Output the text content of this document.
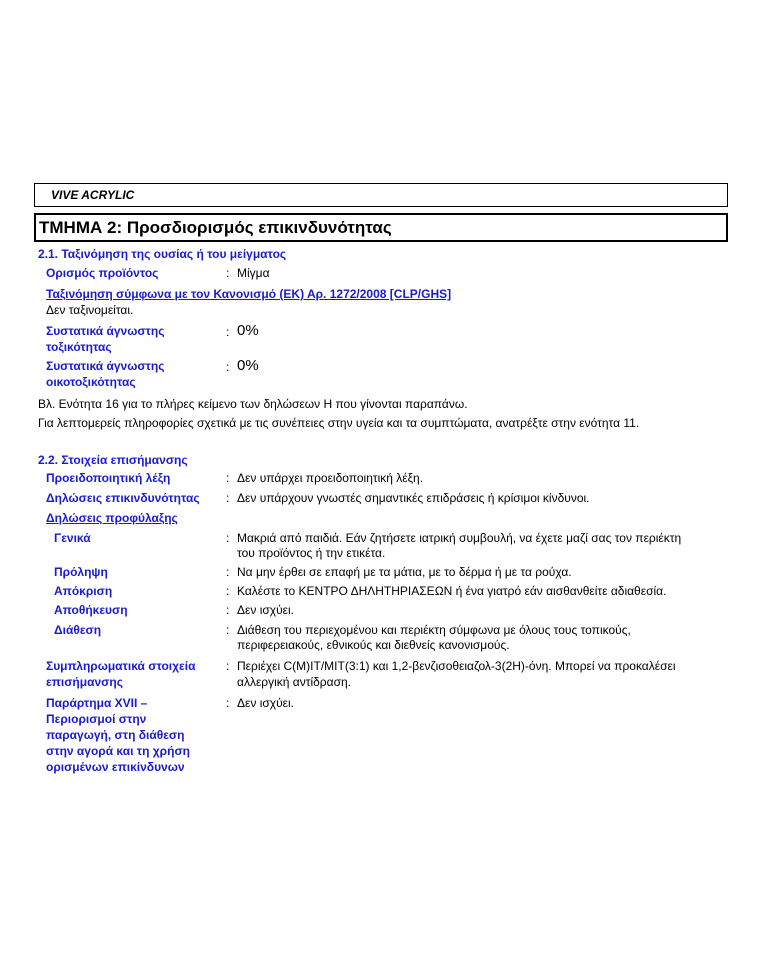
VIVE ACRYLIC
ΤΜΗΜΑ 2: Προσδιορισμός επικινδυνότητας
2.1. Ταξινόμηση της ουσίας ή του μείγματος
Ορισμός προϊόντος	: Μίγμα
Ταξινόμηση σύμφωνα με τον Κανονισμό (ΕΚ) Αρ. 1272/2008 [CLP/GHS]
Δεν ταξινομείται.
Συστατικά άγνωστης
τοξικότητας
: 0%
Συστατικά άγνωστης
οικοτοξικότητας
: 0%
Βλ. Ενότητα 16 για το πλήρες κείμενο των δηλώσεων Η που γίνονται παραπάνω.
Για λεπτομερείς πληροφορίες σχετικά με τις συνέπειες στην υγεία και τα συμπτώματα, ανατρέξτε στην ενότητα 11.
2.2. Στοιχεία επισήμανσης
Προειδοποιητική λέξη	: Δεν υπάρχει προειδοποιητική λέξη.
Δηλώσεις επικινδυνότητας : Δεν υπάρχουν γνωστές σημαντικές επιδράσεις ή κρίσιμοι κίνδυνοι.
Δηλώσεις προφύλαξης
Γενικά	: Μακριά από παιδιά. Εάν ζητήσετε ιατρική συμβουλή, να έχετε μαζί σας τον περιέκτη
του προϊόντος ή την ετικέτα.
Πρόληψη	: Να μην έρθει σε επαφή με τα μάτια, με το δέρμα ή με τα ρούχα.
Απόκριση	: Καλέστε το ΚΕΝΤΡΟ ΔΗΛΗΤΗΡΙΑΣΕΩΝ ή ένα γιατρό εάν αισθανθείτε αδιαθεσία.
Αποθήκευση	: Δεν ισχύει.
Διάθεση	: Διάθεση του περιεχομένου και περιέκτη σύμφωνα με όλους τους τοπικούς,
περιφερειακούς, εθνικούς και διεθνείς κανονισμούς.
Συμπληρωματικά στοιχεία
επισήμανσης
: Περιέχει C(M)IT/MIT(3:1) και 1,2-βενζισοθειαζολ-3(2H)-όνη. Μπορεί να προκαλέσει
αλλεργική αντίδραση.
Παράρτημα XVII –
Περιορισμοί στην
παραγωγή, στη διάθεση
στην αγορά και τη χρήση
ορισμένων επικίνδυνων
: Δεν ισχύει.
